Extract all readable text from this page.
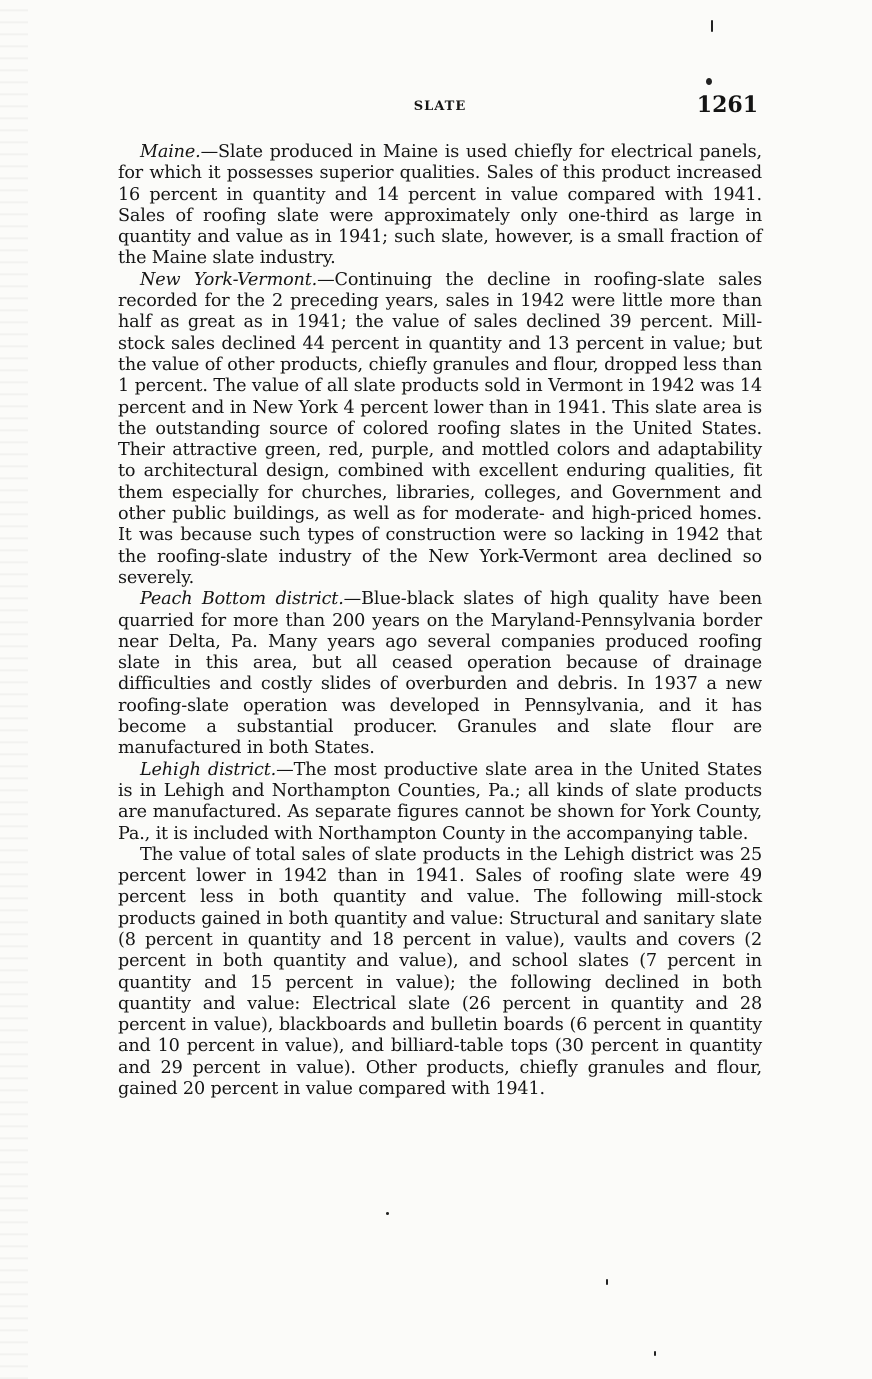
SLATE	1261

Maine.—Slate produced in Maine is used chiefly for electrical panels, for which it possesses superior qualities. Sales of this product increased 16 percent in quantity and 14 percent in value compared with 1941. Sales of roofing slate were approximately only one-third as large in quantity and value as in 1941; such slate, however, is a small fraction of the Maine slate industry.

New York-Vermont.—Continuing the decline in roofing-slate sales recorded for the 2 preceding years, sales in 1942 were little more than half as great as in 1941; the value of sales declined 39 percent. Mill-stock sales declined 44 percent in quantity and 13 percent in value; but the value of other products, chiefly granules and flour, dropped less than 1 percent. The value of all slate products sold in Vermont in 1942 was 14 percent and in New York 4 percent lower than in 1941. This slate area is the outstanding source of colored roofing slates in the United States. Their attractive green, red, purple, and mottled colors and adaptability to architectural design, combined with excellent enduring qualities, fit them especially for churches, libraries, colleges, and Government and other public buildings, as well as for moderate- and high-priced homes. It was because such types of construction were so lacking in 1942 that the roofing-slate industry of the New York-Vermont area declined so severely.

Peach Bottom district.—Blue-black slates of high quality have been quarried for more than 200 years on the Maryland-Pennsylvania border near Delta, Pa. Many years ago several companies produced roofing slate in this area, but all ceased operation because of drainage difficulties and costly slides of overburden and debris. In 1937 a new roofing-slate operation was developed in Pennsylvania, and it has become a substantial producer. Granules and slate flour are manufactured in both States.

Lehigh district.—The most productive slate area in the United States is in Lehigh and Northampton Counties, Pa.; all kinds of slate products are manufactured. As separate figures cannot be shown for York County, Pa., it is included with Northampton County in the accompanying table.

The value of total sales of slate products in the Lehigh district was 25 percent lower in 1942 than in 1941. Sales of roofing slate were 49 percent less in both quantity and value. The following mill-stock products gained in both quantity and value: Structural and sanitary slate (8 percent in quantity and 18 percent in value), vaults and covers (2 percent in both quantity and value), and school slates (7 percent in quantity and 15 percent in value); the following declined in both quantity and value: Electrical slate (26 percent in quantity and 28 percent in value), blackboards and bulletin boards (6 percent in quantity and 10 percent in value), and billiard-table tops (30 percent in quantity and 29 percent in value). Other products, chiefly granules and flour, gained 20 percent in value compared with 1941.
